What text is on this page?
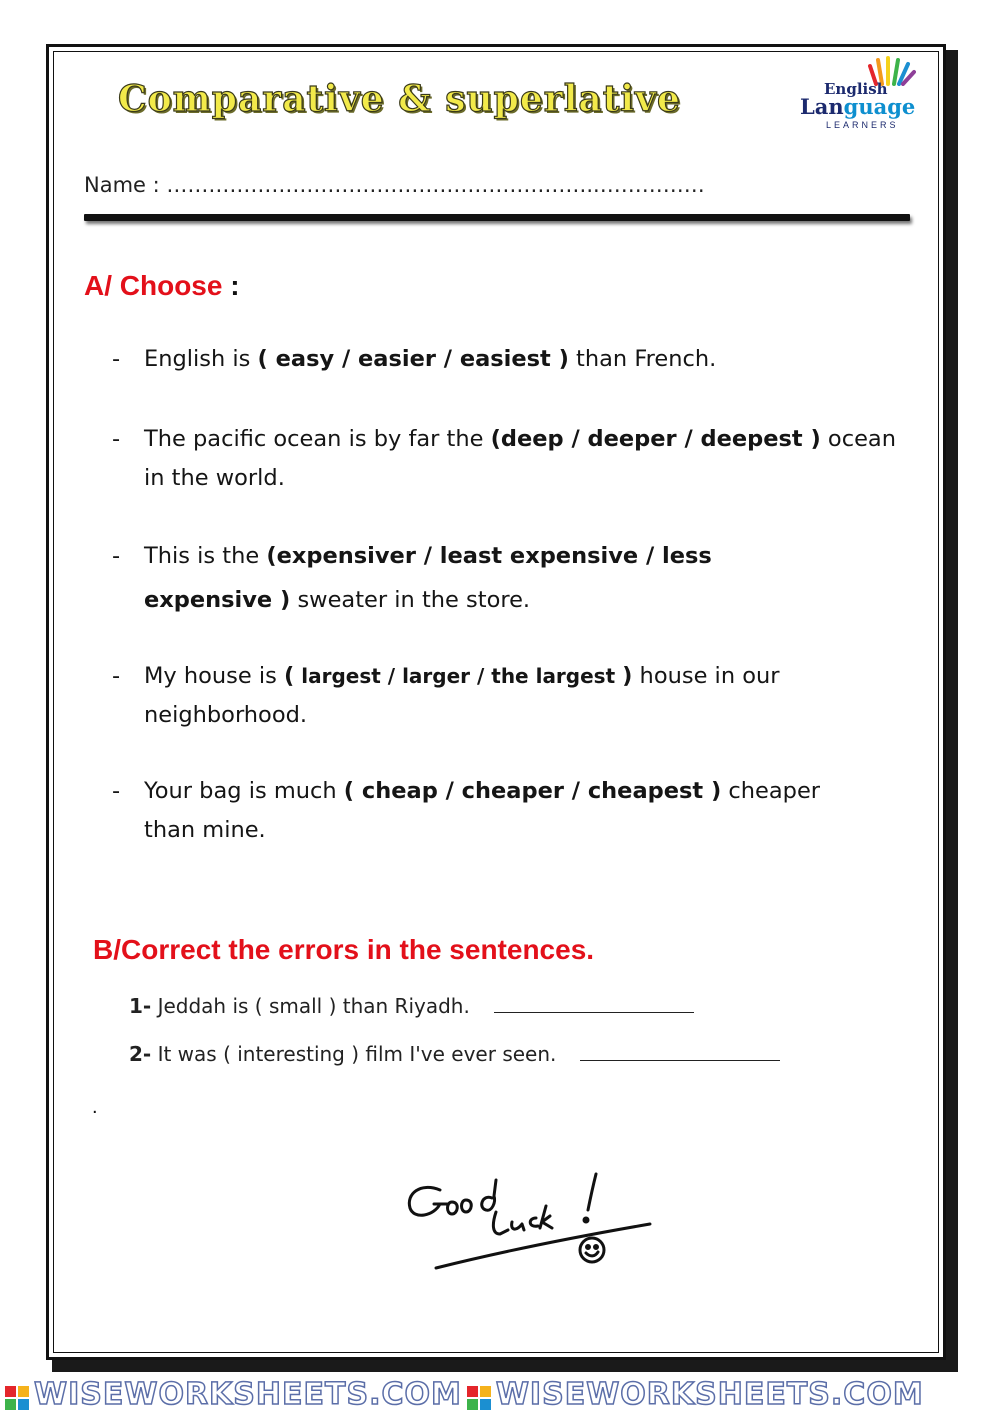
Comparative & superlative	English
Language
LEARNERS
Name : ……………………………………………………..……………
A/ Choose :
- English is ( easy / easier / easiest ) than French.
- The pacific ocean is by far the (deep / deeper / deepest ) ocean in the world.
- This is the (expensiver / least expensive / less expensive ) sweater in the store.
- My house is ( largest / larger / the largest ) house in our neighborhood.
- Your bag is much ( cheap / cheaper / cheapest ) cheaper than mine.
B/Correct the errors in the sentences.
1- Jeddah is ( small ) than Riyadh.
2- It was ( interesting ) film I've ever seen.
.
WISEWORKSHEETS.COM WISEWORKSHEETS.COM
